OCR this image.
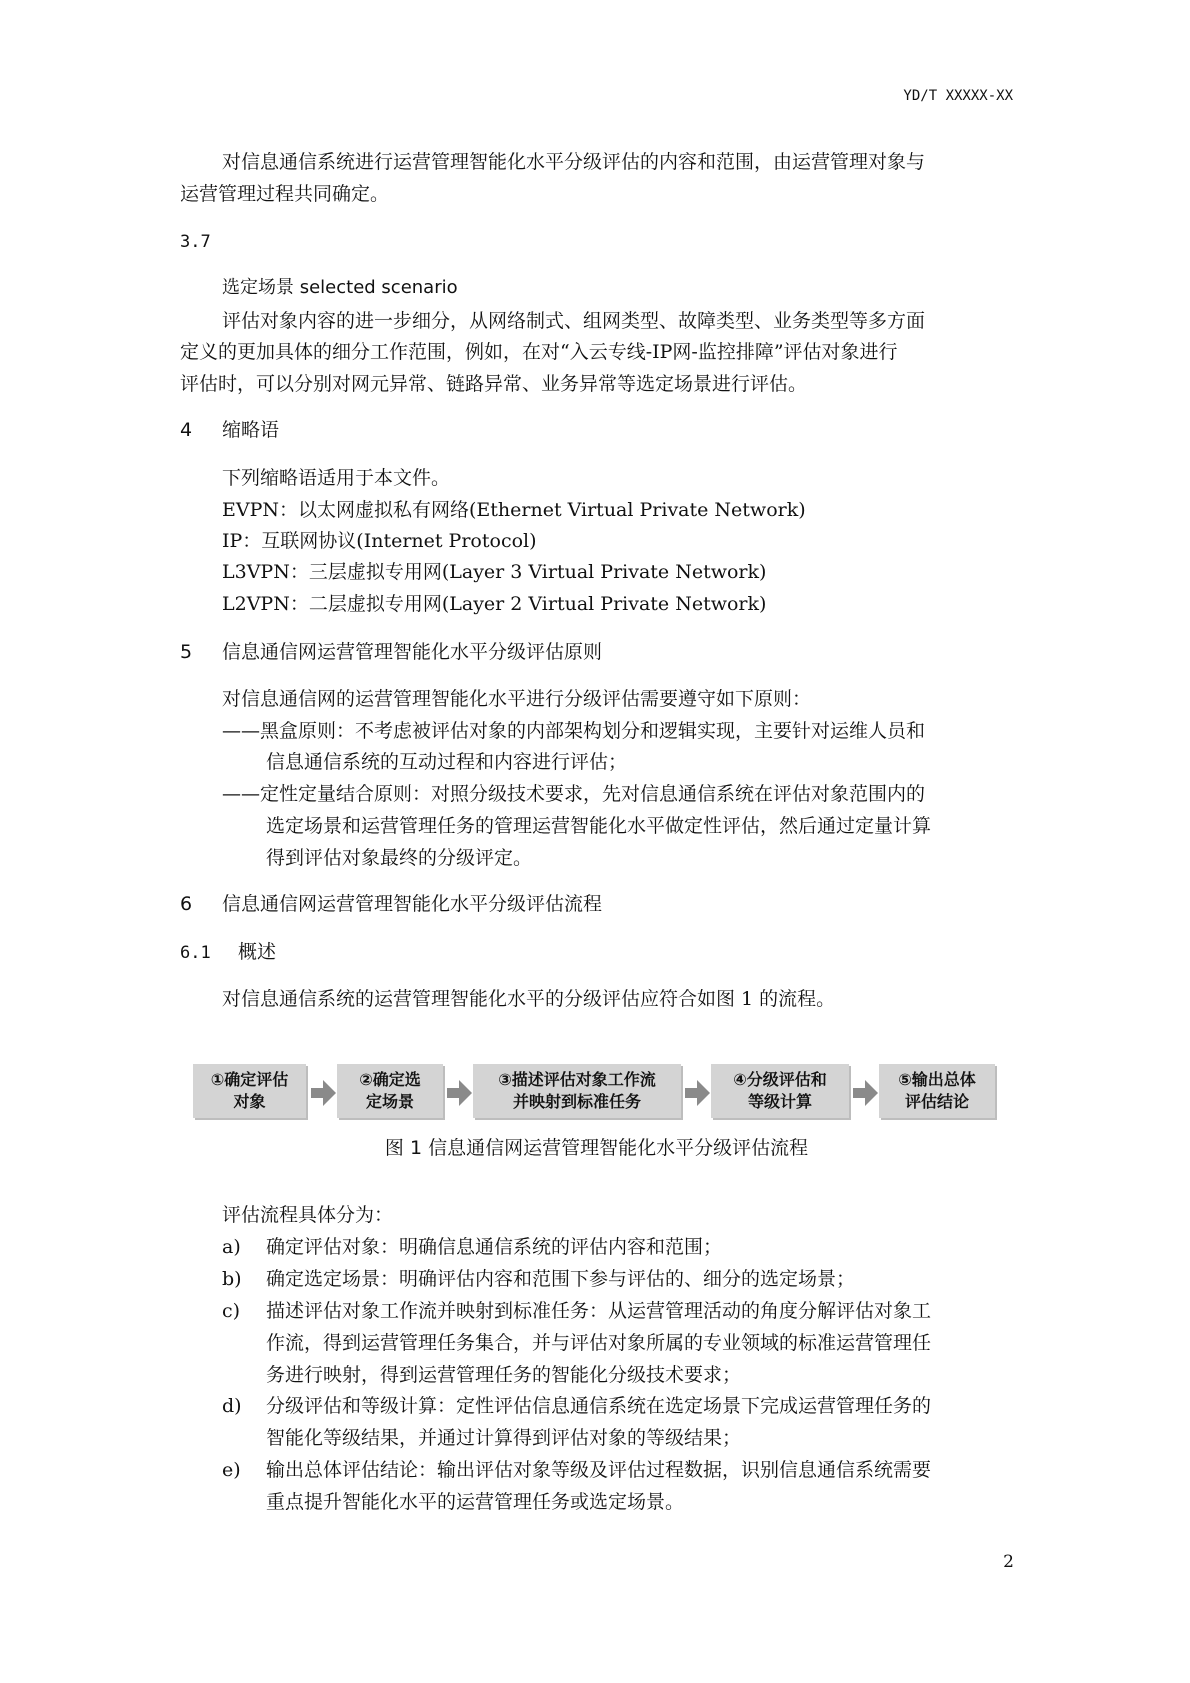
YD/T XXXXX-XX
对信息通信系统进行运营管理智能化水平分级评估的内容和范围，由运营管理对象与
运营管理过程共同确定。
3.7
选定场景 selected scenario
评估对象内容的进一步细分，从网络制式、组网类型、故障类型、业务类型等多方面
定义的更加具体的细分工作范围，例如，在对“入云专线-IP网-监控排障”评估对象进行
评估时，可以分别对网元异常、链路异常、业务异常等选定场景进行评估。
4 缩略语
下列缩略语适用于本文件。
EVPN：以太网虚拟私有网络(Ethernet Virtual Private Network)
IP：互联网协议(Internet Protocol)
L3VPN：三层虚拟专用网(Layer 3 Virtual Private Network)
L2VPN：二层虚拟专用网(Layer 2 Virtual Private Network)
5 信息通信网运营管理智能化水平分级评估原则
对信息通信网的运营管理智能化水平进行分级评估需要遵守如下原则：
——黑盒原则：不考虑被评估对象的内部架构划分和逻辑实现，主要针对运维人员和
信息通信系统的互动过程和内容进行评估；
——定性定量结合原则：对照分级技术要求，先对信息通信系统在评估对象范围内的
选定场景和运营管理任务的管理运营智能化水平做定性评估，然后通过定量计算
得到评估对象最终的分级评定。
6 信息通信网运营管理智能化水平分级评估流程
6.1 概述
对信息通信系统的运营管理智能化水平的分级评估应符合如图 1 的流程。
①确定评估
对象
②确定选
定场景
③描述评估对象工作流
并映射到标准任务
④分级评估和
等级计算
⑤输出总体
评估结论
图 1 信息通信网运营管理智能化水平分级评估流程
评估流程具体分为：
a)	确定评估对象：明确信息通信系统的评估内容和范围；
b)	确定选定场景：明确评估内容和范围下参与评估的、细分的选定场景；
c)	描述评估对象工作流并映射到标准任务：从运营管理活动的角度分解评估对象工
作流，得到运营管理任务集合，并与评估对象所属的专业领域的标准运营管理任
务进行映射，得到运营管理任务的智能化分级技术要求；
d)	分级评估和等级计算：定性评估信息通信系统在选定场景下完成运营管理任务的
智能化等级结果，并通过计算得到评估对象的等级结果；
e)	输出总体评估结论：输出评估对象等级及评估过程数据，识别信息通信系统需要
重点提升智能化水平的运营管理任务或选定场景。
2
